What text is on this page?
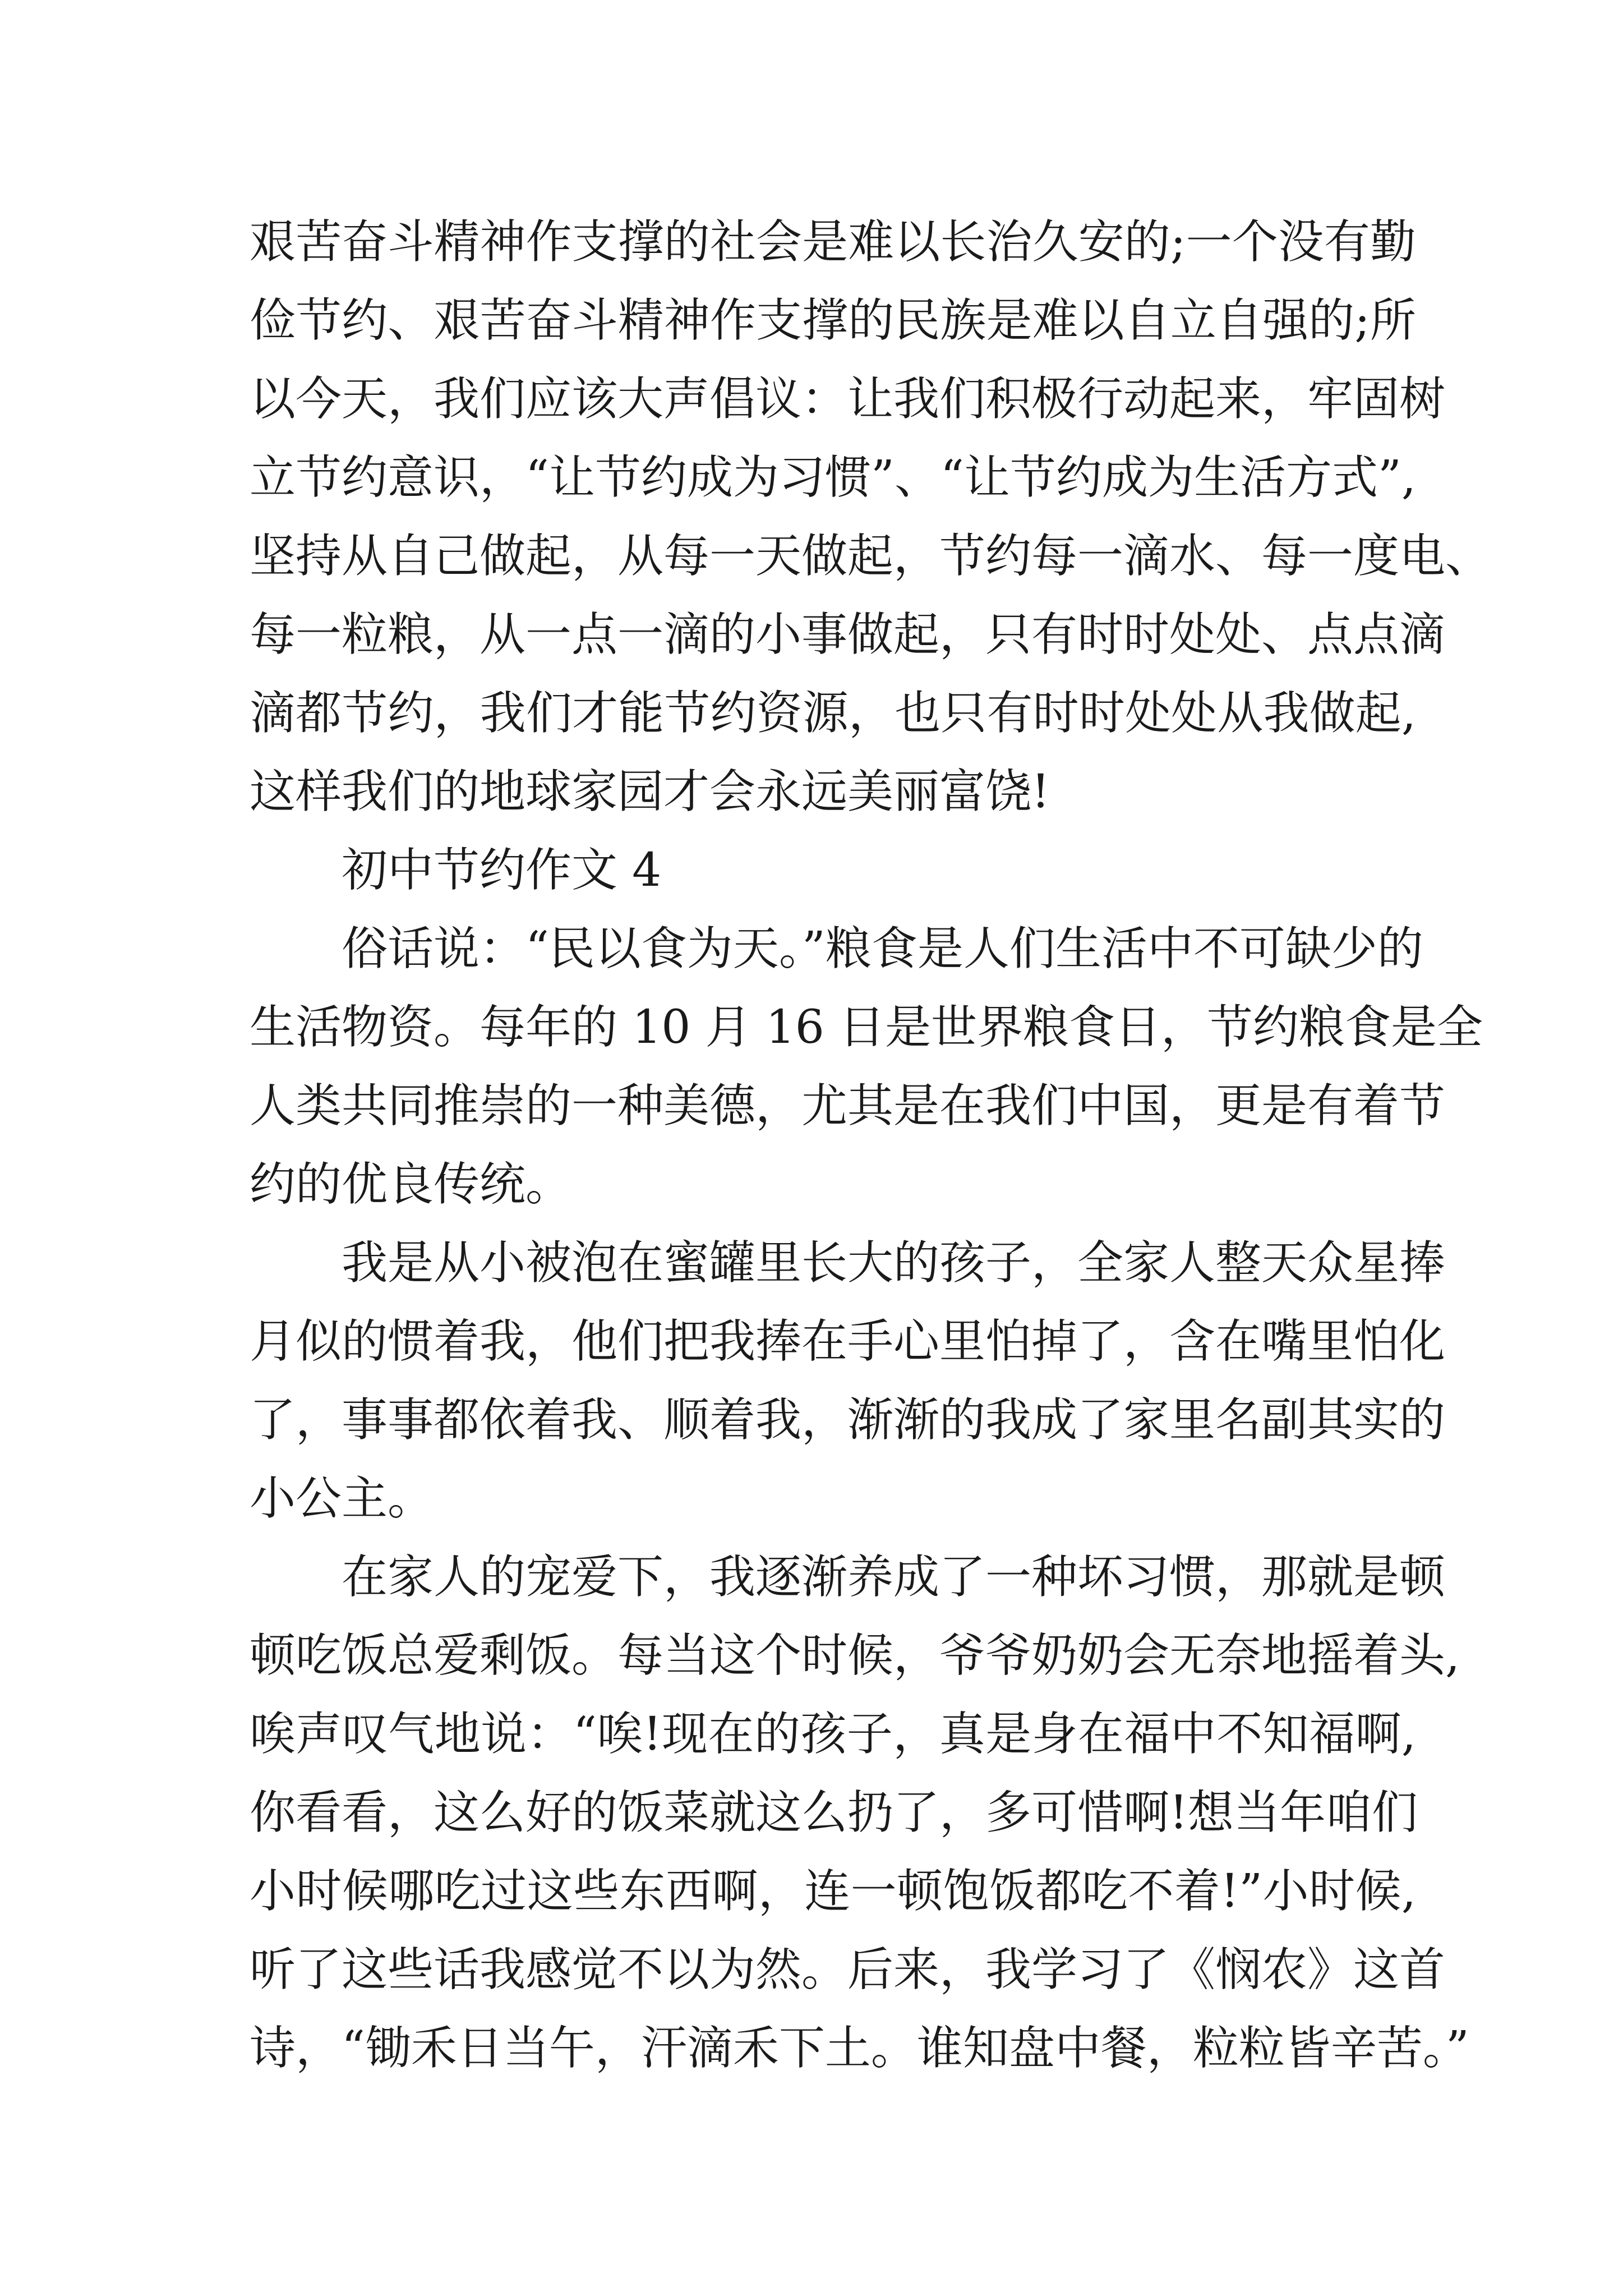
艰苦奋斗精神作支撑的社会是难以长治久安的;一个没有勤
俭节约、艰苦奋斗精神作支撑的民族是难以自立自强的;所
以今天，我们应该大声倡议：让我们积极行动起来，牢固树
立节约意识，“让节约成为习惯”、“让节约成为生活方式”,
坚持从自己做起，从每一天做起，节约每一滴水、每一度电、
每一粒粮，从一点一滴的小事做起，只有时时处处、点点滴
滴都节约，我们才能节约资源，也只有时时处处从我做起,
这样我们的地球家园才会永远美丽富饶!
初中节约作文 4
俗话说：“民以食为天。”粮食是人们生活中不可缺少的
生活物资。每年的 10 月 16 日是世界粮食日，节约粮食是全
人类共同推崇的一种美德，尤其是在我们中国，更是有着节
约的优良传统。
我是从小被泡在蜜罐里长大的孩子，全家人整天众星捧
月似的惯着我，他们把我捧在手心里怕掉了，含在嘴里怕化
了，事事都依着我、顺着我，渐渐的我成了家里名副其实的
小公主。
在家人的宠爱下，我逐渐养成了一种坏习惯，那就是顿
顿吃饭总爱剩饭。每当这个时候，爷爷奶奶会无奈地摇着头,
唉声叹气地说：“唉!现在的孩子，真是身在福中不知福啊,
你看看，这么好的饭菜就这么扔了，多可惜啊!想当年咱们
小时候哪吃过这些东西啊，连一顿饱饭都吃不着!”小时候,
听了这些话我感觉不以为然。后来，我学习了《悯农》这首
诗，“锄禾日当午，汗滴禾下土。谁知盘中餐，粒粒皆辛苦。”
